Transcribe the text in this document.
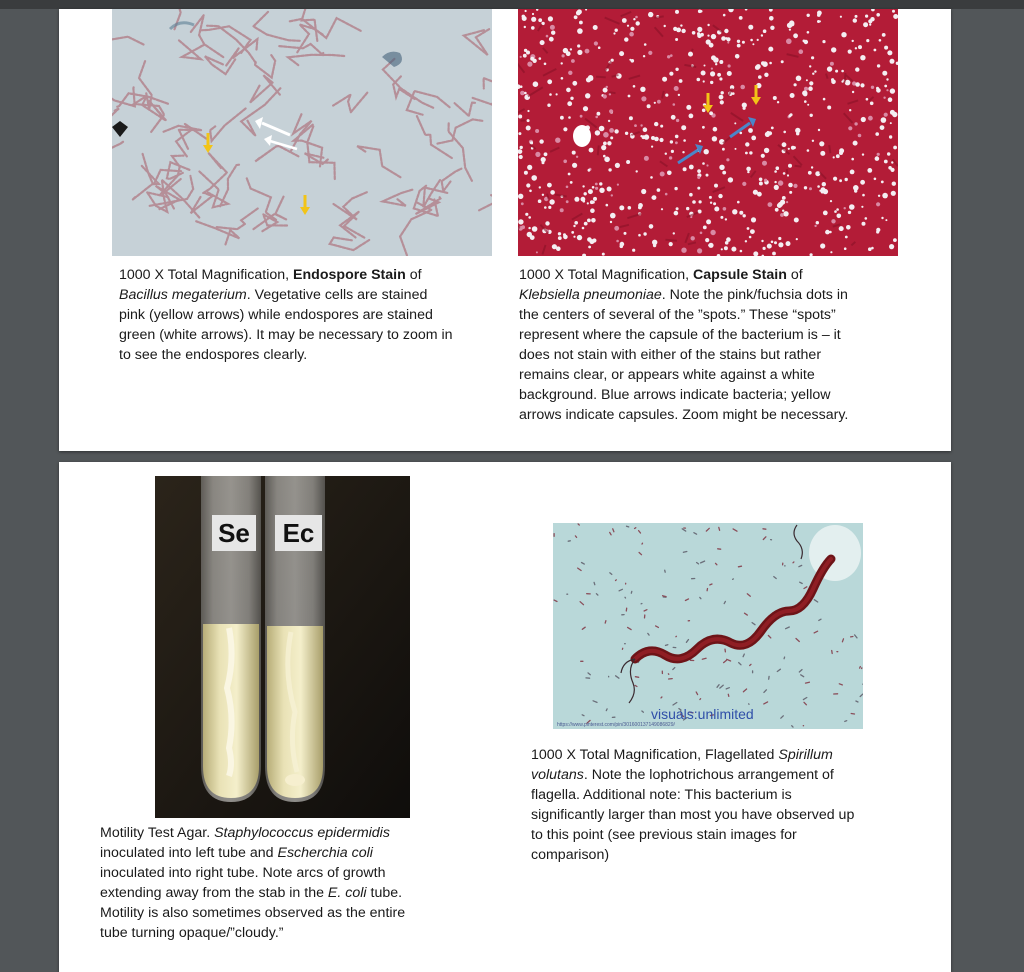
1000 X Total Magnification, Endospore Stain of
Bacillus megaterium. Vegetative cells are stained
pink (yellow arrows) while endospores are stained
green (white arrows). It may be necessary to zoom in
to see the endospores clearly.
1000 X Total Magnification, Capsule Stain of
Klebsiella pneumoniae. Note the pink/fuchsia dots in
the centers of several of the ”spots.” These “spots”
represent where the capsule of the bacterium is – it
does not stain with either of the stains but rather
remains clear, or appears white against a white
background. Blue arrows indicate bacteria; yellow
arrows indicate capsules. Zoom might be necessary.
Se Ec
Motility Test Agar. Staphylococcus epidermidis
inoculated into left tube and Escherchia coli
inoculated into right tube. Note arcs of growth
extending away from the stab in the E. coli tube.
Motility is also sometimes observed as the entire
tube turning opaque/”cloudy.”
visuals:unlimited
https://www.pinterest.com/pin/301600137149086829/
1000 X Total Magnification, Flagellated Spirillum
volutans. Note the lophotrichous arrangement of
flagella. Additional note: This bacterium is
significantly larger than most you have observed up
to this point (see previous stain images for
comparison)
